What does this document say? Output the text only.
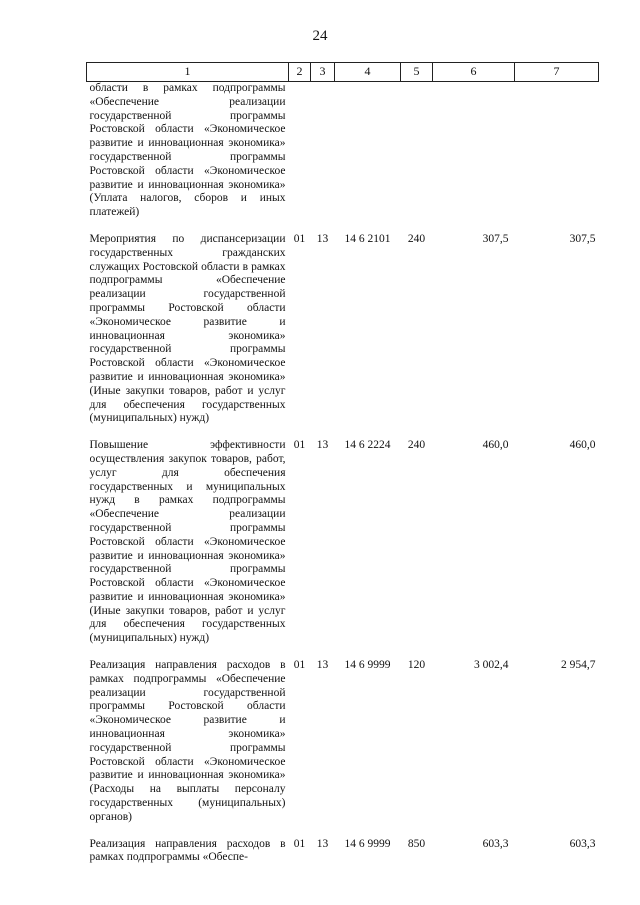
24
1	2	3	4	5	6	7
области в рамках подпрограммы «Обеспечение реализации государственной программы Ростовской области «Экономическое развитие и инновационная экономика» государственной программы Ростовской области «Экономическое развитие и инновационная экономика» (Уплата налогов, сборов и иных платежей)						

Мероприятия по диспансеризации государственных гражданских служащих Ростовской области в рамках подпрограммы «Обеспечение реализации государственной программы Ростовской области «Экономическое развитие и инновационная экономика» государственной программы Ростовской области «Экономическое развитие и инновационная экономика» (Иные закупки товаров, работ и услуг для обеспечения государственных (муниципальных) нужд)	01	13	14 6 2101	240	307,5	307,5

Повышение эффективности осуществления закупок товаров, работ, услуг для обеспечения государственных и муниципальных нужд в рамках подпрограммы «Обеспечение реализации государственной программы Ростовской области «Экономическое развитие и инновационная экономика» государственной программы Ростовской области «Экономическое развитие и инновационная экономика» (Иные закупки товаров, работ и услуг для обеспечения государственных (муниципальных) нужд)	01	13	14 6 2224	240	460,0	460,0

Реализация направления расходов в рамках подпрограммы «Обеспечение реализации государственной программы Ростовской области «Экономическое развитие и инновационная экономика» государственной программы Ростовской области «Экономическое развитие и инновационная экономика» (Расходы на выплаты персоналу государственных (муниципальных) органов)	01	13	14 6 9999	120	3 002,4	2 954,7

Реализация направления расходов в рамках подпрограммы «Обеспе-	01	13	14 6 9999	850	603,3	603,3
